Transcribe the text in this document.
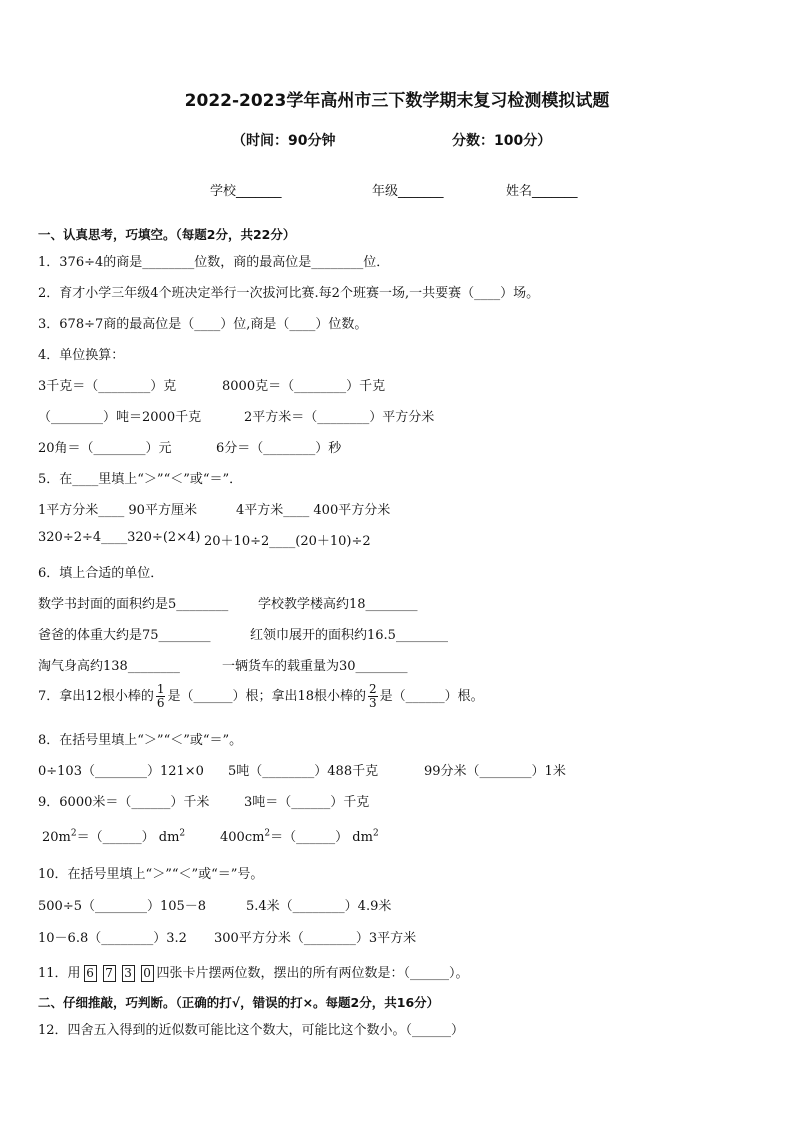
2022-2023学年高州市三下数学期末复习检测模拟试题
（时间：90分钟	分数：100分）
学校_______	年级_______	姓名_______
一、认真思考，巧填空。（每题2分，共22分）
1．376÷4的商是________位数，商的最高位是________位．
2．育才小学三年级4个班决定举行一次拔河比赛.每2个班赛一场,一共要赛（____）场。
3．678÷7商的最高位是（____）位,商是（____）位数。
4．单位换算：
3千克＝（________）克	8000克＝（________）千克
（________）吨＝2000千克	2平方米＝（________）平方分米
20角＝（________）元	6分＝（________）秒
5．在____里填上“＞”“＜”或“＝”．
1平方分米____ 90平方厘米	4平方米____ 400平方分米
320÷2÷4____320÷(2×4) 20＋10÷2____(20＋10)÷2
6．填上合适的单位．
数学书封面的面积约是5________ 学校教学楼高约18________
爸爸的体重大约是75________	红领巾展开的面积约16.5________
淘气身高约138________	一辆货车的载重量为30________
7．拿出12根小棒的 $\frac{1}{6}$ 是（______）根；拿出18根小棒的 $\frac{2}{3}$ 是（______）根。
8．在括号里填上“＞”“＜”或“＝”。
0÷103（________）121×0 5吨（________）488千克	99分米（________）1米
9．6000米＝（______）千米	3吨＝（______）千克
$20m^2=(\_\_\_\_\_\_)$ $dm^2$	$400cm^2=(\_\_\_\_\_\_)$ $dm^2$
10．在括号里填上“＞”“＜”或“＝”号。
500÷5（________）105－8	5.4米（________）4.9米
10－6.8（________）3.2 300平方分米（________）3平方米
11．用 6 7 3 0 四张卡片摆两位数，摆出的所有两位数是：（______）。
二、仔细推敲，巧判断。（正确的打√，错误的打×。每题2分，共16分）
12．四舍五入得到的近似数可能比这个数大，可能比这个数小。（______）
